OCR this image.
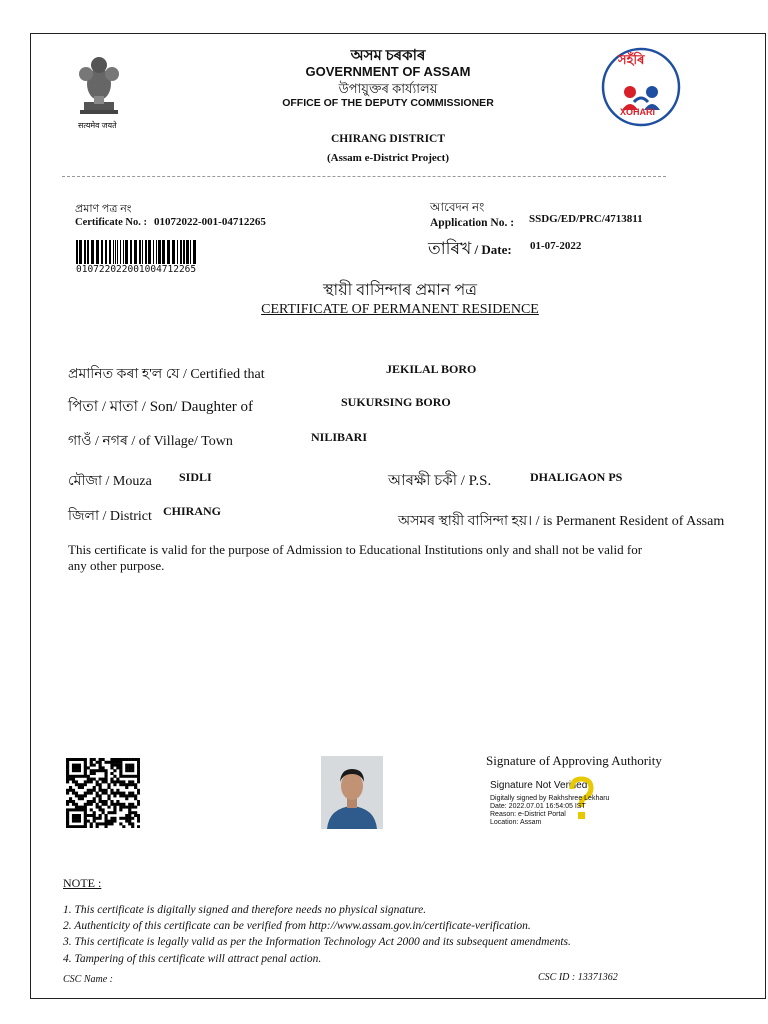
सत्यमेव जयते
অসম চৰকাৰ
GOVERNMENT OF ASSAM
উপায়ুক্তৰ কাৰ্য্যালয়
OFFICE OF THE DEPUTY COMMISSIONER
CHIRANG DISTRICT
(Assam e-District Project)
সহঁৰি
XOHARI
প্ৰমাণ পত্ৰ নং
Certificate No. : 01072022-001-04712265
010722022001004712265
আবেদন নং
Application No. : SSDG/ED/PRC/4713811
তাৰিখ / Date: 01-07-2022
স্থায়ী বাসিন্দাৰ প্ৰমান পত্ৰ
CERTIFICATE OF PERMANENT RESIDENCE
প্ৰমানিত কৰা হ'ল যে / Certified that	JEKILAL BORO
পিতা / মাতা / Son/ Daughter of	SUKURSING BORO
গাওঁ / নগৰ / of Village/ Town	NILIBARI
মৌজা / Mouza SIDLI	আৰক্ষী চকী / P.S.	DHALIGAON PS
জিলা / District CHIRANG
অসমৰ স্থায়ী বাসিন্দা হয়। / is Permanent Resident of Assam
This certificate is valid for the purpose of Admission to Educational Institutions only and shall not be valid for
any other purpose.
Signature of Approving Authority
Signature Not Verified
Digitally signed by Rakhshree Lekharu
Date: 2022.07.01 16:54:05 IST
Reason: e-District Portal
Location: Assam
NOTE :
1. This certificate is digitally signed and therefore needs no physical signature.
2. Authenticity of this certificate can be verified from http://www.assam.gov.in/certificate-verification.
3. This certificate is legally valid as per the Information Technology Act 2000 and its subsequent amendments.
4. Tampering of this certificate will attract penal action.
CSC Name :	CSC ID : 13371362
